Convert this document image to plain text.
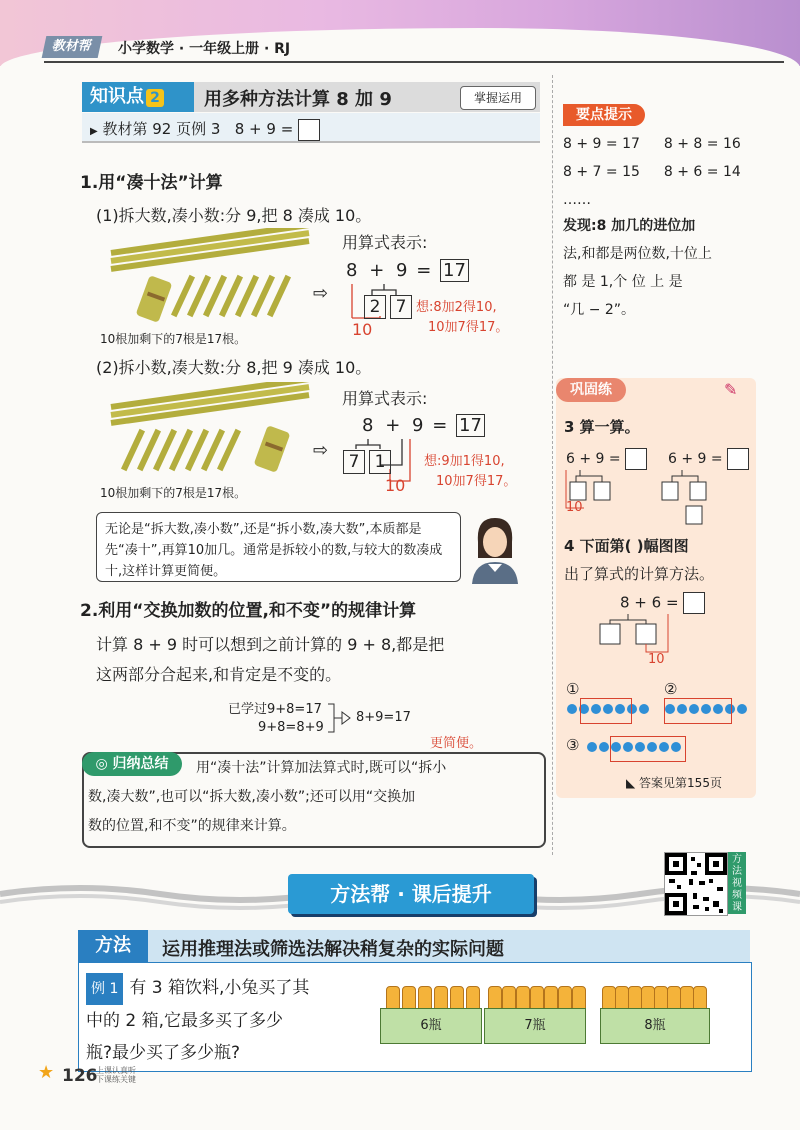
教材帮	小学数学 · 一年级上册 · RJ
知识点 2	用多种方法计算 8 加 9	掌握运用
▶ 教材第 92 页例 3 8 + 9 =
1.用“凑十法”计算
(1)拆大数,凑小数:分 9,把 8 凑成 10。
10根加剩下的7根是17根。
⇨
用算式表示:
8 + 9 = 17
2 7
10
想:8加2得10,
10加7得17。
(2)拆小数,凑大数:分 8,把 9 凑成 10。
10根加剩下的7根是17根。
⇨
用算式表示:
8 + 9 = 17
7 1
10
想:9加1得10,
10加7得17。
无论是“拆大数,凑小数”,还是“拆小数,凑大数”,本质都是先“凑十”,再算10加几。通常是拆较小的数,与较大的数凑成十,这样计算更简便。
2.利用“交换加数的位置,和不变”的规律计算
计算 8 + 9 时可以想到之前计算的 9 + 8,都是把
这两部分合起来,和肯定是不变的。
已学过9+8=17
9+8=8+9
8+9=17
更简便。
◎ 归纳总结	用“凑十法”计算加法算式时,既可以“拆小
数,凑大数”,也可以“拆大数,凑小数”;还可以用“交换加
数的位置,和不变”的规律来计算。
要点提示
8 + 9 = 17 8 + 8 = 16
8 + 7 = 15 8 + 6 = 14
……
发现:8 加几的进位加
法,和都是两位数,十位上
都 是 1,个 位 上 是
“几 − 2”。
巩固练	✎
3 算一算。
6 + 9 =	6 + 9 =
10
4 下面第( )幅图图
出了算式的计算方法。
8 + 6 =
10
①	②
③
◣ 答案见第155页
方法帮 · 课后提升
方法视频课
方法	运用推理法或筛选法解决稍复杂的实际问题
例 1 有 3 箱饮料,小兔买了其
中的 2 箱,它最多买了多少
瓶?最少买了多少瓶?
6瓶	7瓶	8瓶
★ 126
上课认真听
下课练关键
